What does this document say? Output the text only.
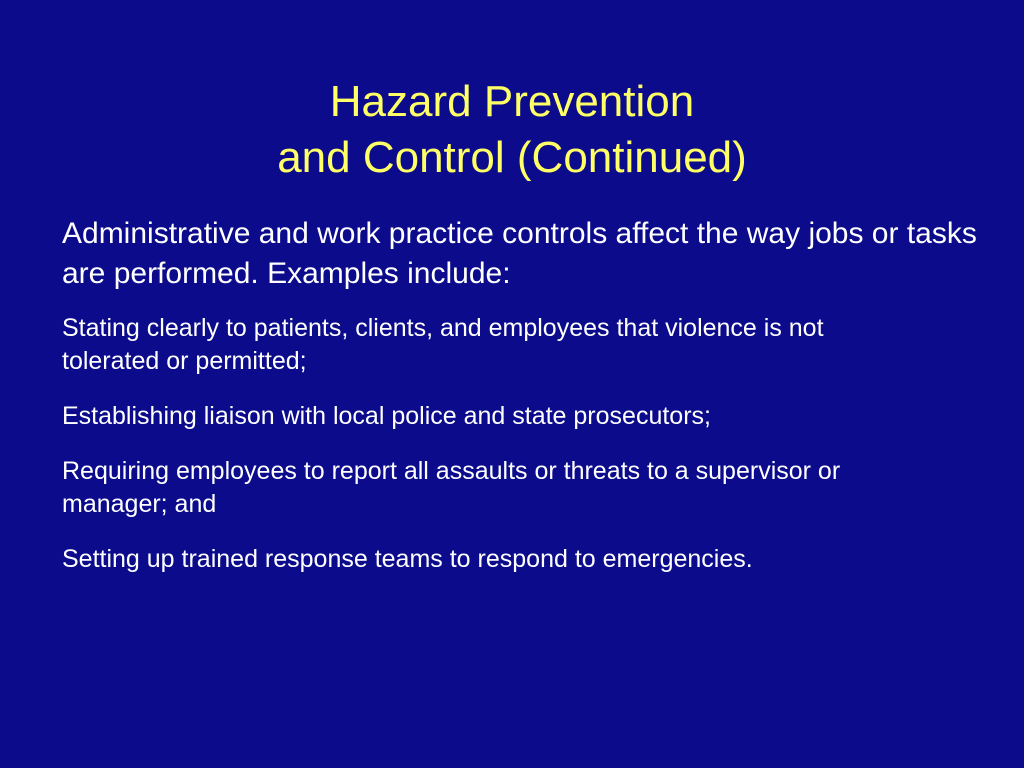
Hazard Prevention
and Control (Continued)

Administrative and work practice controls affect the way jobs or tasks are performed. Examples include:

Stating clearly to patients, clients, and employees that violence is not tolerated or permitted;

Establishing liaison with local police and state prosecutors;

Requiring employees to report all assaults or threats to a supervisor or manager; and

Setting up trained response teams to respond to emergencies.
